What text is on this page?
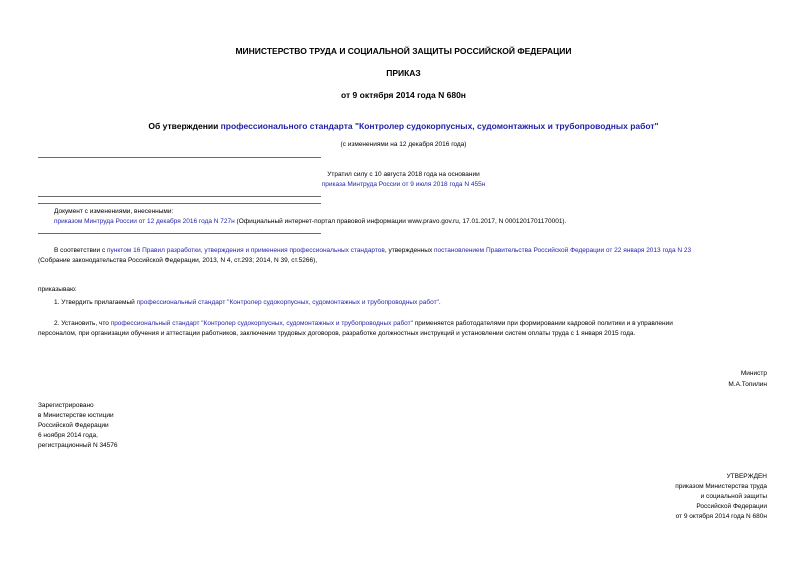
МИНИСТЕРСТВО ТРУДА И СОЦИАЛЬНОЙ ЗАЩИТЫ РОССИЙСКОЙ ФЕДЕРАЦИИ
ПРИКАЗ
от 9 октября 2014 года N 680н
Об утверждении профессионального стандарта "Контролер судокорпусных, судомонтажных и трубопроводных работ"
(с изменениями на 12 декабря 2016 года)
Утратил силу с 10 августа 2018 года на основании
приказа Минтруда России от 9 июля 2018 года N 455н
Документ с изменениями, внесенными:
приказом Минтруда России от 12 декабря 2016 года N 727н (Официальный интернет-портал правовой информации www.pravo.gov.ru, 17.01.2017, N 0001201701170001).
В соответствии с пунктом 16 Правил разработки, утверждения и применения профессиональных стандартов, утвержденных постановлением Правительства Российской Федерации от 22 января 2013 года N 23
(Собрание законодательства Российской Федерации, 2013, N 4, ст.293; 2014, N 39, ст.5266),
приказываю:
1. Утвердить прилагаемый профессиональный стандарт "Контролер судокорпусных, судомонтажных и трубопроводных работ".
2. Установить, что профессиональный стандарт "Контролер судокорпусных, судомонтажных и трубопроводных работ" применяется работодателями при формировании кадровой политики и в управлении
персоналом, при организации обучения и аттестации работников, заключении трудовых договоров, разработке должностных инструкций и установлении систем оплаты труда с 1 января 2015 года.
Министр
М.А.Топилин
Зарегистрировано
в Министерстве юстиции
Российской Федерации
6 ноября 2014 года,
регистрационный N 34576
УТВЕРЖДЕН
приказом Министерства труда
и социальной защиты
Российской Федерации
от 9 октября 2014 года N 680н
